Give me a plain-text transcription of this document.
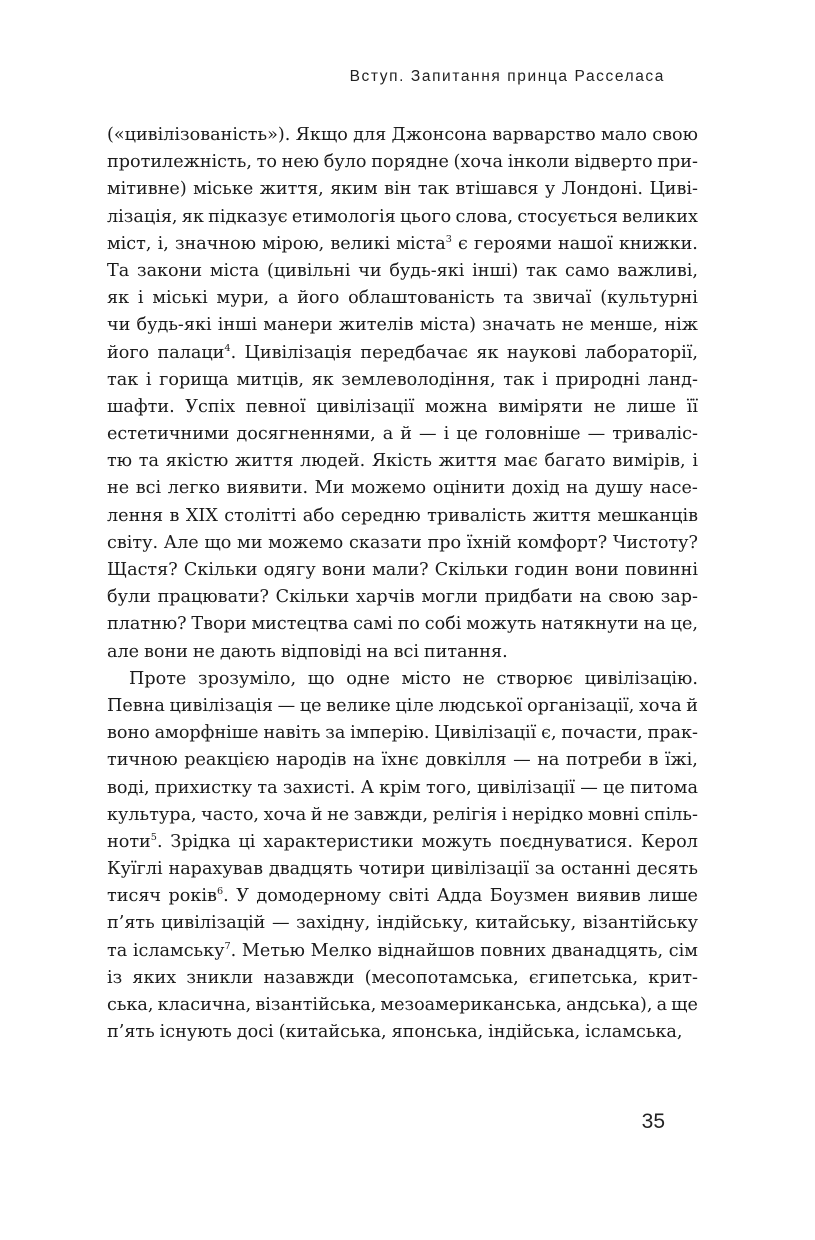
Вступ. Запитання принца Расселаса
(«цивілізованість»). Якщо для Джонсона варварство мало свою
протилежність, то нею було порядне (хоча інколи відверто при-
мітивне) міське життя, яким він так втішався у Лондоні. Циві-
лізація, як підказує етимологія цього слова, стосується великих
міст, і, значною мірою, великі міста$^3$ є героями нашої книжки.
Та закони міста (цивільні чи будь-які інші) так само важливі,
як і міські мури, а його облаштованість та звичаї (культурні
чи будь-які інші манери жителів міста) значать не менше, ніж
його палаци$^4$. Цивілізація передбачає як наукові лабораторії,
так і горища митців, як землеволодіння, так і природні ланд-
шафти. Успіх певної цивілізації можна виміряти не лише її
естетичними досягненнями, а й — і це головніше — триваліс-
тю та якістю життя людей. Якість життя має багато вимірів, і
не всі легко виявити. Ми можемо оцінити дохід на душу насе-
лення в XIX столітті або середню тривалість життя мешканців
світу. Але що ми можемо сказати про їхній комфорт? Чистоту?
Щастя? Скільки одягу вони мали? Скільки годин вони повинні
були працювати? Скільки харчів могли придбати на свою зар-
платню? Твори мистецтва самі по собі можуть натякнути на це,
але вони не дають відповіді на всі питання.
Проте зрозуміло, що одне місто не створює цивілізацію.
Певна цивілізація — це велике ціле людської організації, хоча й
воно аморфніше навіть за імперію. Цивілізації є, почасти, прак-
тичною реакцією народів на їхнє довкілля — на потреби в їжі,
воді, прихистку та захисті. А крім того, цивілізації — це питома
культура, часто, хоча й не завжди, релігія і нерідко мовні спіль-
ноти$^5$. Зрідка ці характеристики можуть поєднуватися. Керол
Куїглі нарахував двадцять чотири цивілізації за останні десять
тисяч років$^6$. У домодерному світі Адда Боузмен виявив лише
п’ять цивілізацій — західну, індійську, китайську, візантійську
та ісламську$^7$. Метью Мелко віднайшов повних дванадцять, сім
із яких зникли назавжди (месопотамська, єгипетська, крит-
ська, класична, візантійська, мезоамериканська, андська), а ще
п’ять існують досі (китайська, японська, індійська, ісламська,
35
